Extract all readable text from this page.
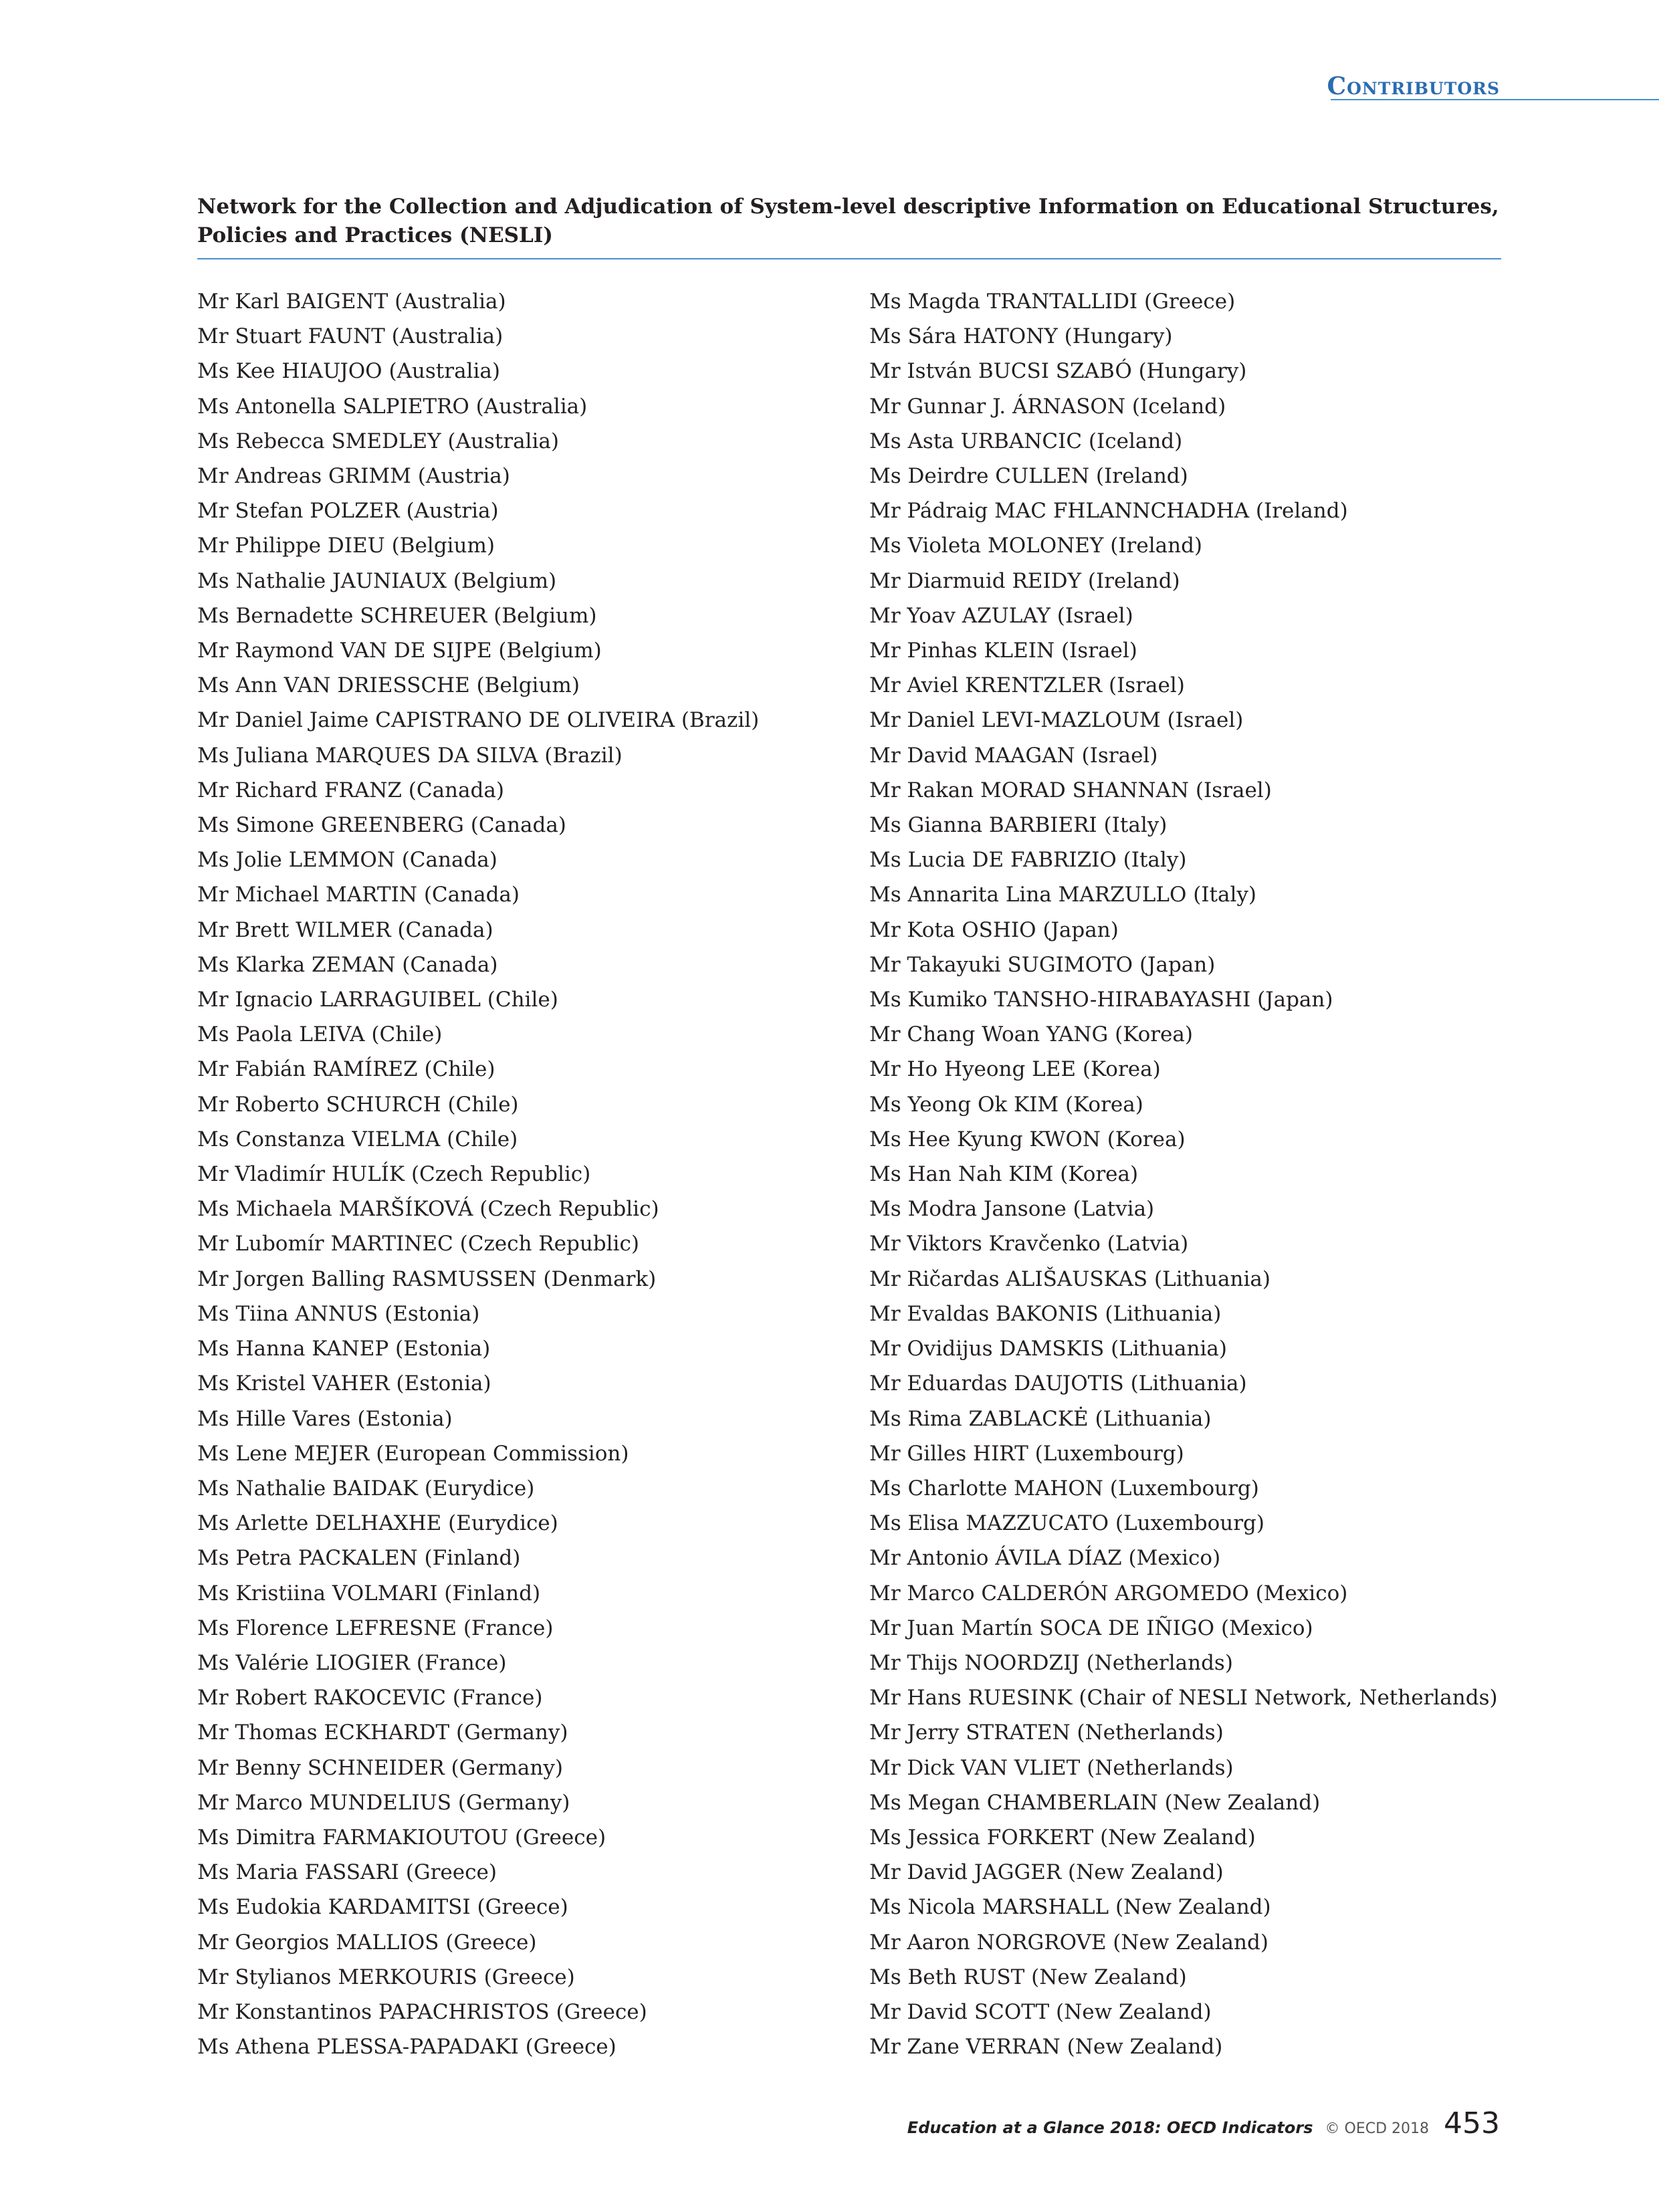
Contributors
Network for the Collection and Adjudication of System-level descriptive Information on Educational Structures, Policies and Practices (NESLI)
Mr Karl BAIGENT (Australia)
Mr Stuart FAUNT (Australia)
Ms Kee HIAUJOO (Australia)
Ms Antonella SALPIETRO (Australia)
Ms Rebecca SMEDLEY (Australia)
Mr Andreas GRIMM (Austria)
Mr Stefan POLZER (Austria)
Mr Philippe DIEU (Belgium)
Ms Nathalie JAUNIAUX (Belgium)
Ms Bernadette SCHREUER (Belgium)
Mr Raymond VAN DE SIJPE (Belgium)
Ms Ann VAN DRIESSCHE (Belgium)
Mr Daniel Jaime CAPISTRANO DE OLIVEIRA (Brazil)
Ms Juliana MARQUES DA SILVA (Brazil)
Mr Richard FRANZ (Canada)
Ms Simone GREENBERG (Canada)
Ms Jolie LEMMON (Canada)
Mr Michael MARTIN (Canada)
Mr Brett WILMER (Canada)
Ms Klarka ZEMAN (Canada)
Mr Ignacio LARRAGUIBEL (Chile)
Ms Paola LEIVA (Chile)
Mr Fabián RAMÍREZ (Chile)
Mr Roberto SCHURCH (Chile)
Ms Constanza VIELMA (Chile)
Mr Vladimír HULÍK (Czech Republic)
Ms Michaela MARŠÍKOVÁ (Czech Republic)
Mr Lubomír MARTINEC (Czech Republic)
Mr Jorgen Balling RASMUSSEN (Denmark)
Ms Tiina ANNUS (Estonia)
Ms Hanna KANEP (Estonia)
Ms Kristel VAHER (Estonia)
Ms Hille Vares (Estonia)
Ms Lene MEJER (European Commission)
Ms Nathalie BAIDAK (Eurydice)
Ms Arlette DELHAXHE (Eurydice)
Ms Petra PACKALEN (Finland)
Ms Kristiina VOLMARI (Finland)
Ms Florence LEFRESNE (France)
Ms Valérie LIOGIER (France)
Mr Robert RAKOCEVIC (France)
Mr Thomas ECKHARDT (Germany)
Mr Benny SCHNEIDER (Germany)
Mr Marco MUNDELIUS (Germany)
Ms Dimitra FARMAKIOUTOU (Greece)
Ms Maria FASSARI (Greece)
Ms Eudokia KARDAMITSI (Greece)
Mr Georgios MALLIOS (Greece)
Mr Stylianos MERKOURIS (Greece)
Mr Konstantinos PAPACHRISTOS (Greece)
Ms Athena PLESSA-PAPADAKI (Greece)
Ms Magda TRANTALLIDI (Greece)
Ms Sára HATONY (Hungary)
Mr István BUCSI SZABÓ (Hungary)
Mr Gunnar J. ÁRNASON (Iceland)
Ms Asta URBANCIC (Iceland)
Ms Deirdre CULLEN (Ireland)
Mr Pádraig MAC FHLANNCHADHA (Ireland)
Ms Violeta MOLONEY (Ireland)
Mr Diarmuid REIDY (Ireland)
Mr Yoav AZULAY (Israel)
Mr Pinhas KLEIN (Israel)
Mr Aviel KRENTZLER (Israel)
Mr Daniel LEVI-MAZLOUM (Israel)
Mr David MAAGAN (Israel)
Mr Rakan MORAD SHANNAN (Israel)
Ms Gianna BARBIERI (Italy)
Ms Lucia DE FABRIZIO (Italy)
Ms Annarita Lina MARZULLO (Italy)
Mr Kota OSHIO (Japan)
Mr Takayuki SUGIMOTO (Japan)
Ms Kumiko TANSHO-HIRABAYASHI (Japan)
Mr Chang Woan YANG (Korea)
Mr Ho Hyeong LEE (Korea)
Ms Yeong Ok KIM (Korea)
Ms Hee Kyung KWON (Korea)
Ms Han Nah KIM (Korea)
Ms Modra Jansone (Latvia)
Mr Viktors Kravčenko (Latvia)
Mr Ričardas ALIŠAUSKAS (Lithuania)
Mr Evaldas BAKONIS (Lithuania)
Mr Ovidijus DAMSKIS (Lithuania)
Mr Eduardas DAUJOTIS (Lithuania)
Ms Rima ZABLACKĖ (Lithuania)
Mr Gilles HIRT (Luxembourg)
Ms Charlotte MAHON (Luxembourg)
Ms Elisa MAZZUCATO (Luxembourg)
Mr Antonio ÁVILA DÍAZ (Mexico)
Mr Marco CALDERÓN ARGOMEDO (Mexico)
Mr Juan Martín SOCA DE IÑIGO (Mexico)
Mr Thijs NOORDZIJ (Netherlands)
Mr Hans RUESINK (Chair of NESLI Network, Netherlands)
Mr Jerry STRATEN (Netherlands)
Mr Dick VAN VLIET (Netherlands)
Ms Megan CHAMBERLAIN (New Zealand)
Ms Jessica FORKERT (New Zealand)
Mr David JAGGER (New Zealand)
Ms Nicola MARSHALL (New Zealand)
Mr Aaron NORGROVE (New Zealand)
Ms Beth RUST (New Zealand)
Mr David SCOTT (New Zealand)
Mr Zane VERRAN (New Zealand)
Education at a Glance 2018: OECD Indicators © OECD 2018 453
